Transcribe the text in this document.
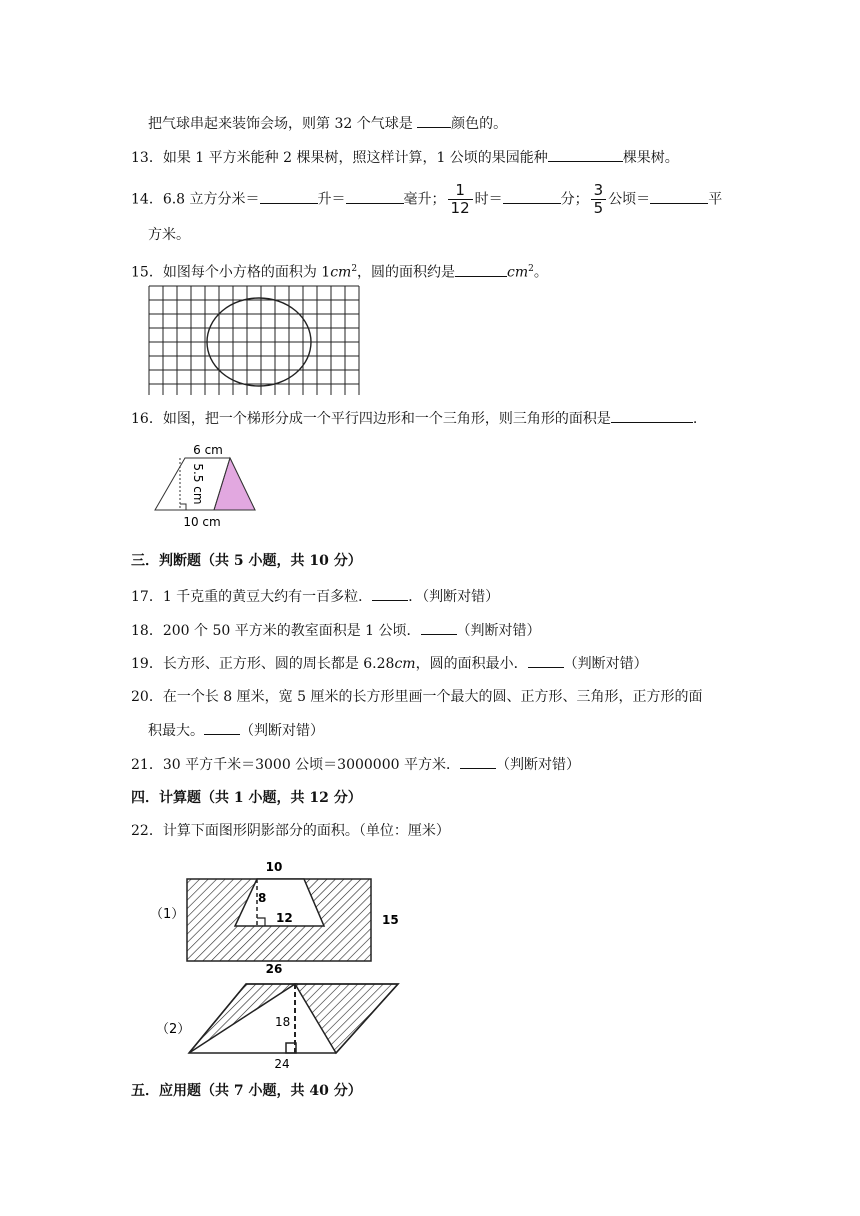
把气球串起来装饰会场，则第 32 个气球是 颜色的。
13．如果 1 平方米能种 2 棵果树，照这样计算，1 公顷的果园能种	棵果树。
14．6.8 立方分米＝	升＝	毫升； $\frac{1}{12}$ 时＝	分； $\frac{3}{5}$ 公顷＝	平
方米。
15．如图每个小方格的面积为 $1cm^2$，圆的面积约是	$cm^2$。
16．如图，把一个梯形分成一个平行四边形和一个三角形，则三角形的面积是	.
6 cm
5.5 cm
10 cm
三．判断题（共 5 小题，共 10 分）
17．1 千克重的黄豆大约有一百多粒．	．（判断对错）
18．200 个 50 平方米的教室面积是 1 公顷．	（判断对错）
19．长方形、正方形、圆的周长都是 6.28cm，圆的面积最小．	（判断对错）
20．在一个长 8 厘米，宽 5 厘米的长方形里画一个最大的圆、正方形、三角形，正方形的面
积最大。	（判断对错）
21．30 平方千米＝3000 公顷＝3000000 平方米．	（判断对错）
四．计算题（共 1 小题，共 12 分）
22．计算下面图形阴影部分的面积。（单位：厘米）
（1）
10
8
12	15
26
（2）	18
24
五．应用题（共 7 小题，共 40 分）
